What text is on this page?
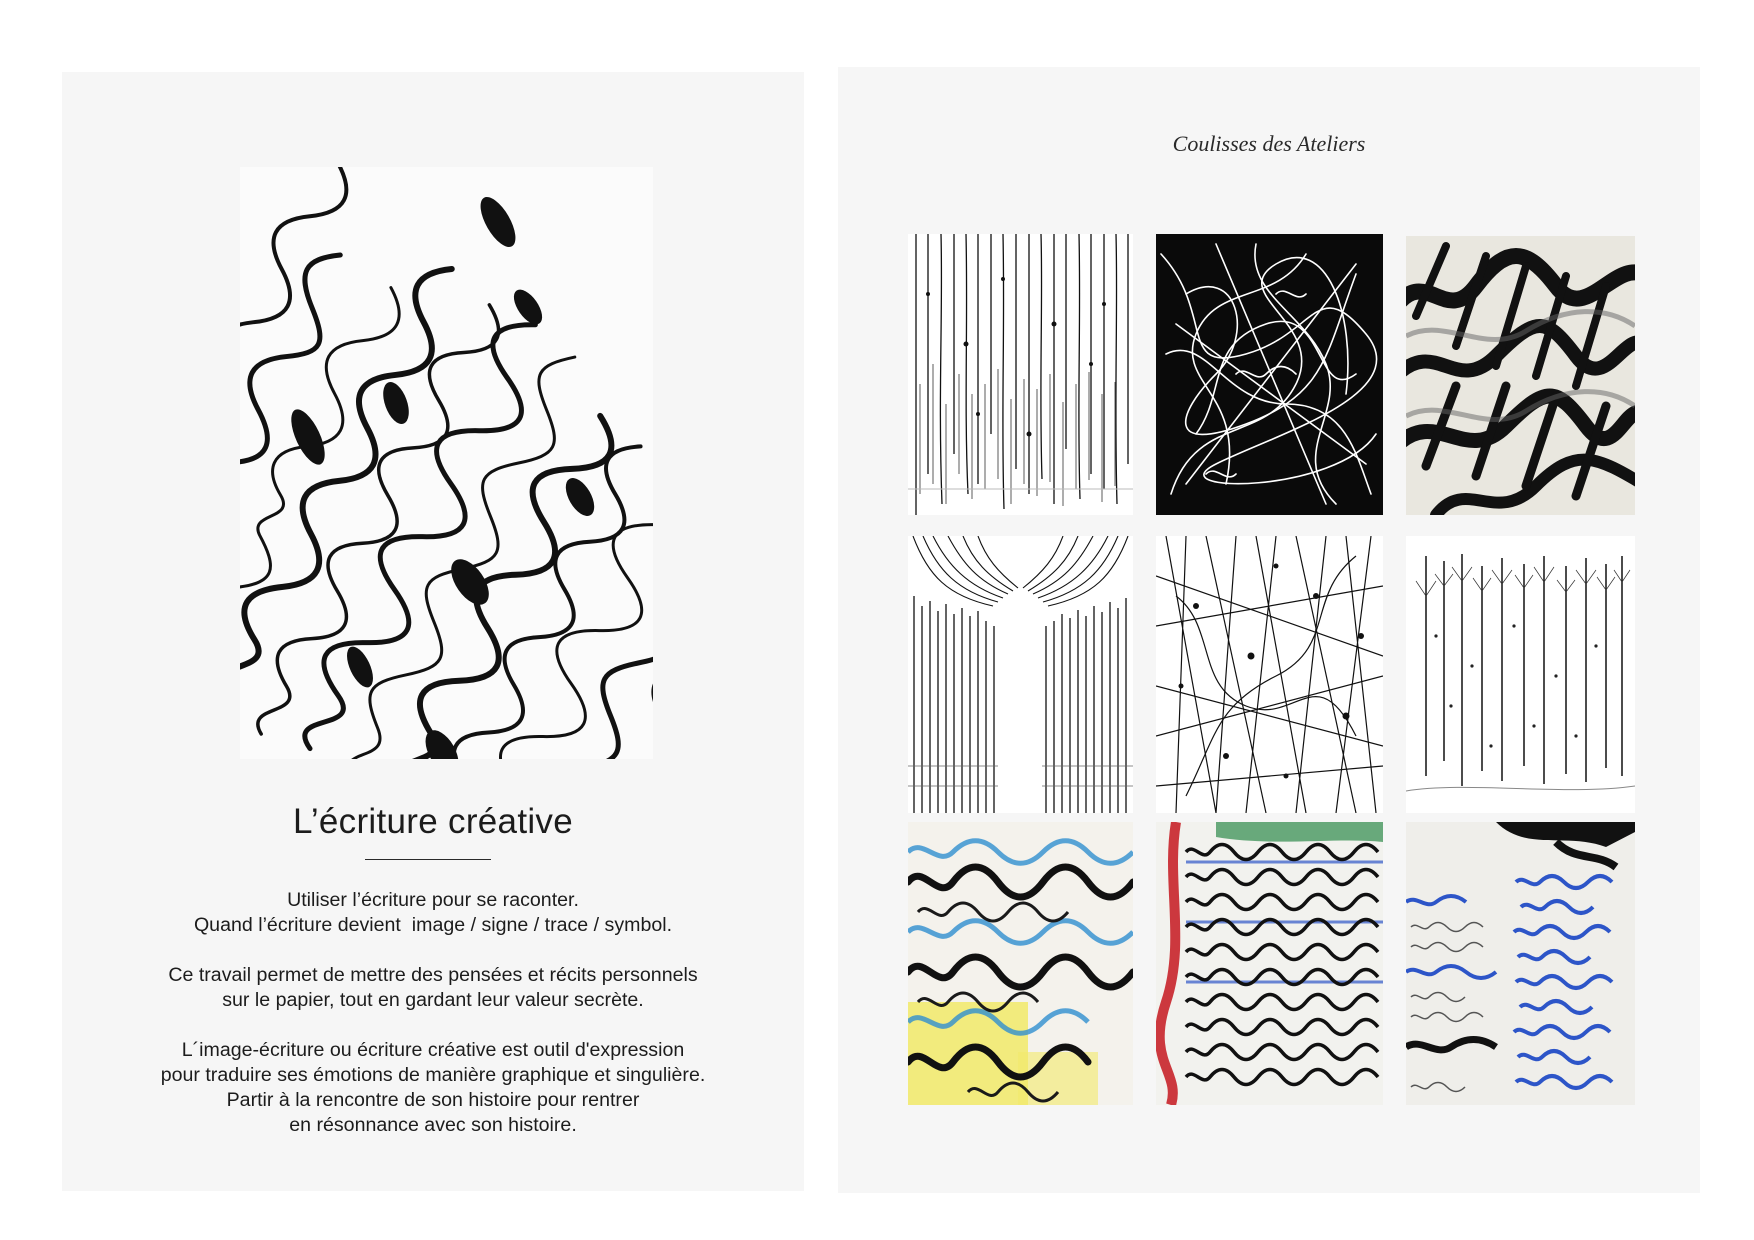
L’écriture créative

Utiliser l’écriture pour se raconter.
Quand l’écriture devient  image / signe / trace / symbol.

Ce travail permet de mettre des pensées et récits personnels
sur le papier, tout en gardant leur valeur secrète.

L´image-écriture ou écriture créative est outil d'expression
pour traduire ses émotions de manière graphique et singulière.
Partir à la rencontre de son histoire pour rentrer
en résonnance avec son histoire.

Coulisses des Ateliers
